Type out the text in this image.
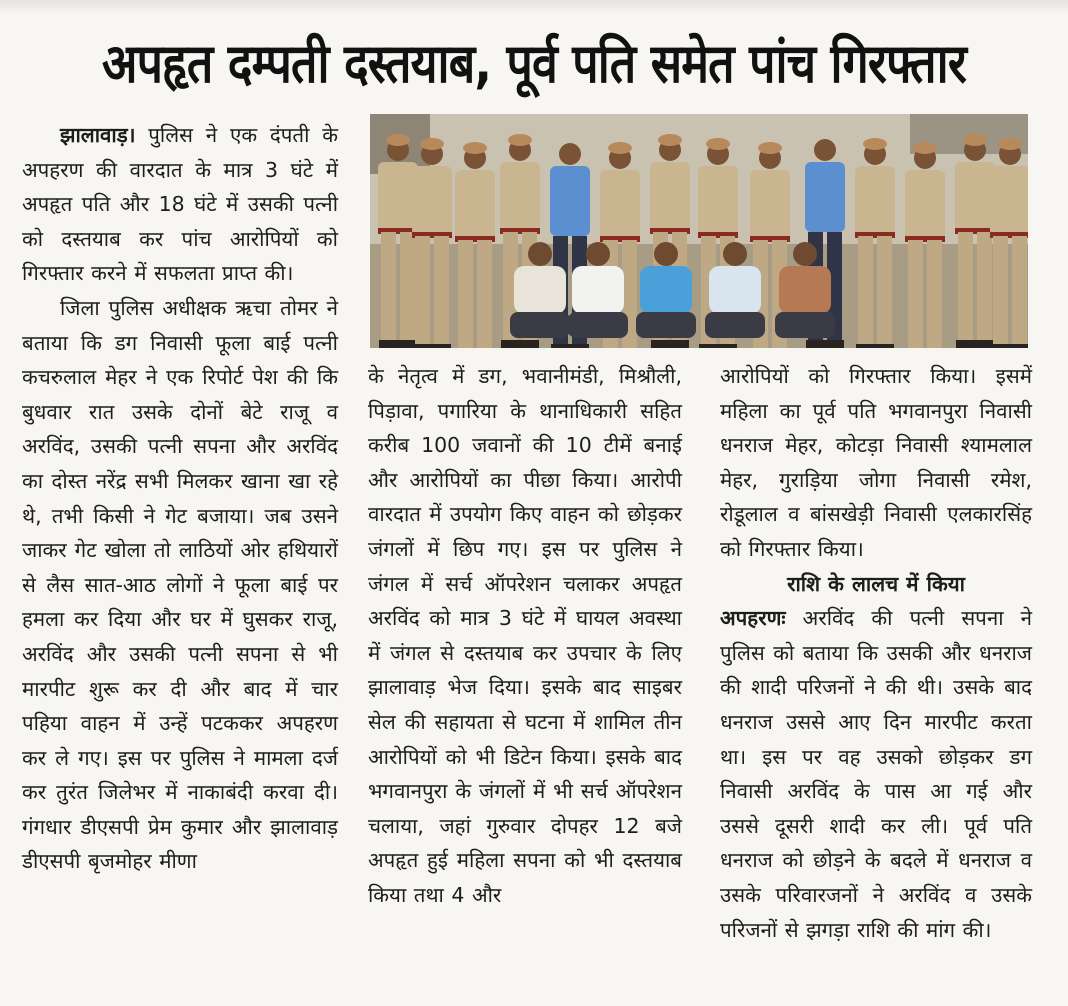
अपहृत दम्पती दस्तयाब, पूर्व पति समेत पांच गिरफ्तार

झालावाड़। पुलिस ने एक दंपती के अपहरण की वारदात के मात्र 3 घंटे में अपहृत पति और 18 घंटे में उसकी पत्नी को दस्तयाब कर पांच आरोपियों को गिरफ्तार करने में सफलता प्राप्त की।

जिला पुलिस अधीक्षक ऋचा तोमर ने बताया कि डग निवासी फूला बाई पत्नी कचरुलाल मेहर ने एक रिपोर्ट पेश की कि बुधवार रात उसके दोनों बेटे राजू व अरविंद, उसकी पत्नी सपना और अरविंद का दोस्त नरेंद्र सभी मिलकर खाना खा रहे थे, तभी किसी ने गेट बजाया। जब उसने जाकर गेट खोला तो लाठियों ओर हथियारों से लैस सात-आठ लोगों ने फूला बाई पर हमला कर दिया और घर में घुसकर राजू, अरविंद और उसकी पत्नी सपना से भी मारपीट शुरू कर दी और बाद में चार पहिया वाहन में उन्हें पटककर अपहरण कर ले गए। इस पर पुलिस ने मामला दर्ज कर तुरंत जिलेभर में नाकाबंदी करवा दी। गंगधार डीएसपी प्रेम कुमार और झालावाड़ डीएसपी बृजमोहर मीणा

के नेतृत्व में डग, भवानीमंडी, मिश्रौली, पिड़ावा, पगारिया के थानाधिकारी सहित करीब 100 जवानों की 10 टीमें बनाई और आरोपियों का पीछा किया। आरोपी वारदात में उपयोग किए वाहन को छोड़कर जंगलों में छिप गए। इस पर पुलिस ने जंगल में सर्च ऑपरेशन चलाकर अपहृत अरविंद को मात्र 3 घंटे में घायल अवस्था में जंगल से दस्तयाब कर उपचार के लिए झालावाड़ भेज दिया। इसके बाद साइबर सेल की सहायता से घटना में शामिल तीन आरोपियों को भी डिटेन किया। इसके बाद भगवानपुरा के जंगलों में भी सर्च ऑपरेशन चलाया, जहां गुरुवार दोपहर 12 बजे अपहृत हुई महिला सपना को भी दस्तयाब किया तथा 4 और

आरोपियों को गिरफ्तार किया। इसमें महिला का पूर्व पति भगवानपुरा निवासी धनराज मेहर, कोटड़ा निवासी श्यामलाल मेहर, गुराड़िया जोगा निवासी रमेश, रोडूलाल व बांसखेड़ी निवासी एलकारसिंह को गिरफ्तार किया।

राशि के लालच में किया

अपहरणः अरविंद की पत्नी सपना ने पुलिस को बताया कि उसकी और धनराज की शादी परिजनों ने की थी। उसके बाद धनराज उससे आए दिन मारपीट करता था। इस पर वह उसको छोड़कर डग निवासी अरविंद के पास आ गई और उससे दूसरी शादी कर ली। पूर्व पति धनराज को छोड़ने के बदले में धनराज व उसके परिवारजनों ने अरविंद व उसके परिजनों से झगड़ा राशि की मांग की।
